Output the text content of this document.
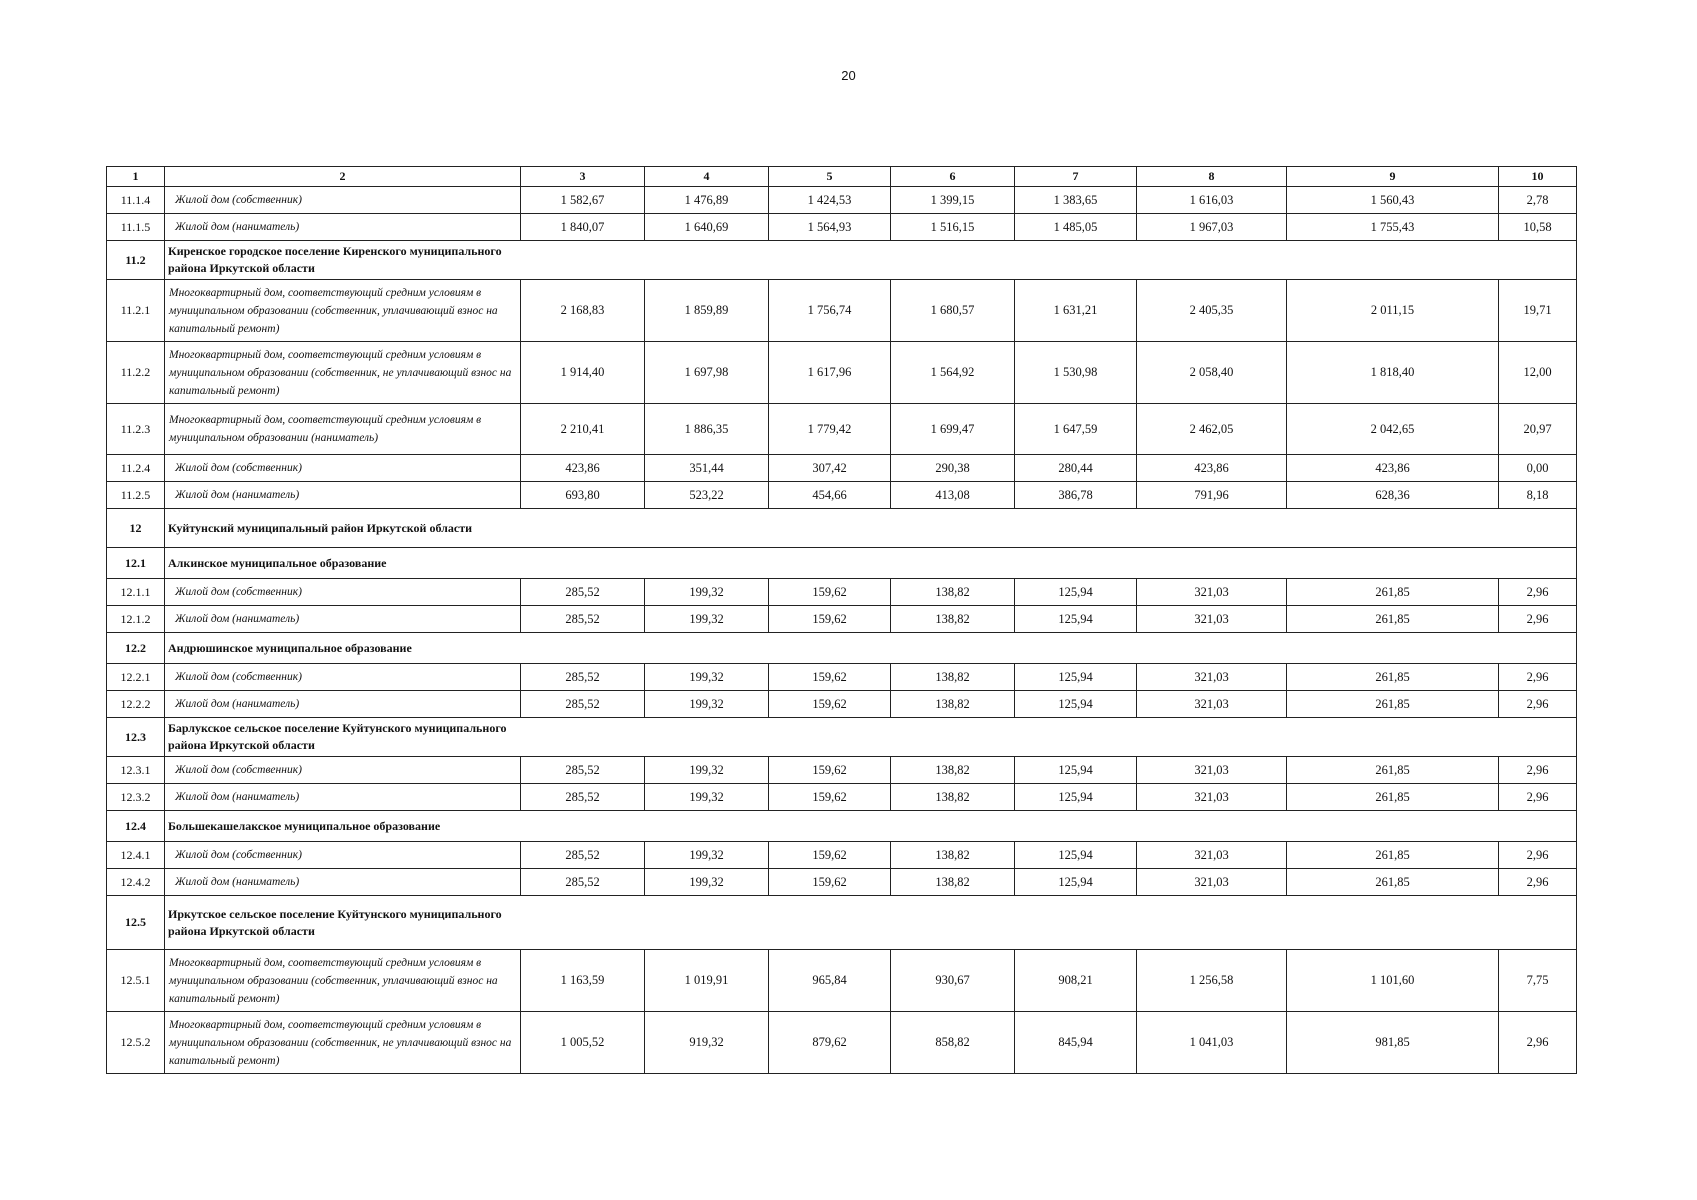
20
1	2	3	4	5	6	7	8	9	10
11.1.4	Жилой дом (собственник)	1 582,67	1 476,89	1 424,53	1 399,15	1 383,65	1 616,03	1 560,43	2,78
11.1.5	Жилой дом (наниматель)	1 840,07	1 640,69	1 564,93	1 516,15	1 485,05	1 967,03	1 755,43	10,58
11.2	Киренское городское поселение Киренского муниципального района Иркутской области								
11.2.1	Многоквартирный дом, соответствующий средним условиям в муниципальном образовании (собственник, уплачивающий взнос на капитальный ремонт)	2 168,83	1 859,89	1 756,74	1 680,57	1 631,21	2 405,35	2 011,15	19,71
11.2.2	Многоквартирный дом, соответствующий средним условиям в муниципальном образовании (собственник, не уплачивающий взнос на капитальный ремонт)	1 914,40	1 697,98	1 617,96	1 564,92	1 530,98	2 058,40	1 818,40	12,00
11.2.3	Многоквартирный дом, соответствующий средним условиям в муниципальном образовании (наниматель)	2 210,41	1 886,35	1 779,42	1 699,47	1 647,59	2 462,05	2 042,65	20,97
11.2.4	Жилой дом (собственник)	423,86	351,44	307,42	290,38	280,44	423,86	423,86	0,00
11.2.5	Жилой дом (наниматель)	693,80	523,22	454,66	413,08	386,78	791,96	628,36	8,18
12	Куйтунский муниципальный район Иркутской области								
12.1	Алкинское муниципальное образование								
12.1.1	Жилой дом (собственник)	285,52	199,32	159,62	138,82	125,94	321,03	261,85	2,96
12.1.2	Жилой дом (наниматель)	285,52	199,32	159,62	138,82	125,94	321,03	261,85	2,96
12.2	Андрюшинское муниципальное образование								
12.2.1	Жилой дом (собственник)	285,52	199,32	159,62	138,82	125,94	321,03	261,85	2,96
12.2.2	Жилой дом (наниматель)	285,52	199,32	159,62	138,82	125,94	321,03	261,85	2,96
12.3	Барлукское сельское поселение Куйтунского муниципального района Иркутской области								
12.3.1	Жилой дом (собственник)	285,52	199,32	159,62	138,82	125,94	321,03	261,85	2,96
12.3.2	Жилой дом (наниматель)	285,52	199,32	159,62	138,82	125,94	321,03	261,85	2,96
12.4	Большекашелакское муниципальное образование								
12.4.1	Жилой дом (собственник)	285,52	199,32	159,62	138,82	125,94	321,03	261,85	2,96
12.4.2	Жилой дом (наниматель)	285,52	199,32	159,62	138,82	125,94	321,03	261,85	2,96
12.5	Иркутское сельское поселение Куйтунского муниципального района Иркутской области								
12.5.1	Многоквартирный дом, соответствующий средним условиям в муниципальном образовании (собственник, уплачивающий взнос на капитальный ремонт)	1 163,59	1 019,91	965,84	930,67	908,21	1 256,58	1 101,60	7,75
12.5.2	Многоквартирный дом, соответствующий средним условиям в муниципальном образовании (собственник, не уплачивающий взнос на капитальный ремонт)	1 005,52	919,32	879,62	858,82	845,94	1 041,03	981,85	2,96
